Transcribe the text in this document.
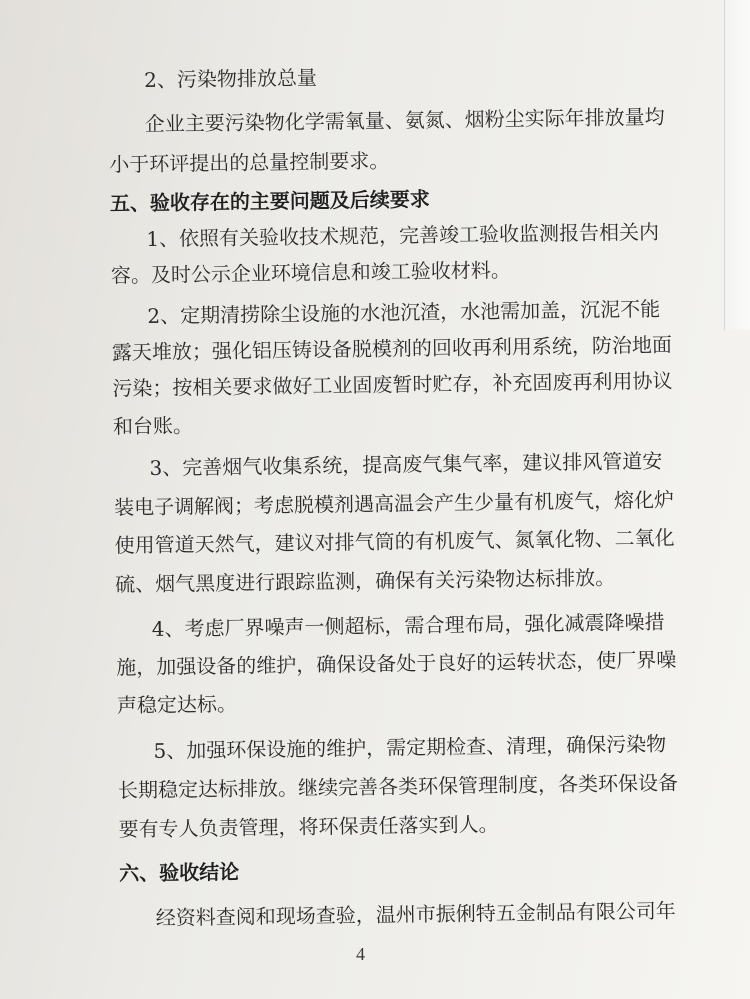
2、污染物排放总量
企业主要污染物化学需氧量、氨氮、烟粉尘实际年排放量均
小于环评提出的总量控制要求。
五、验收存在的主要问题及后续要求
1、依照有关验收技术规范，完善竣工验收监测报告相关内
容。及时公示企业环境信息和竣工验收材料。
2、定期清捞除尘设施的水池沉渣，水池需加盖，沉泥不能
露天堆放；强化铝压铸设备脱模剂的回收再利用系统，防治地面
污染；按相关要求做好工业固废暂时贮存，补充固废再利用协议
和台账。
3、完善烟气收集系统，提高废气集气率，建议排风管道安
装电子调解阀；考虑脱模剂遇高温会产生少量有机废气，熔化炉
使用管道天然气，建议对排气筒的有机废气、氮氧化物、二氧化
硫、烟气黑度进行跟踪监测，确保有关污染物达标排放。
4、考虑厂界噪声一侧超标，需合理布局，强化减震降噪措
施，加强设备的维护，确保设备处于良好的运转状态，使厂界噪
声稳定达标。
5、加强环保设施的维护，需定期检查、清理，确保污染物
长期稳定达标排放。继续完善各类环保管理制度，各类环保设备
要有专人负责管理，将环保责任落实到人。
六、验收结论
经资料查阅和现场查验，温州市振俐特五金制品有限公司年
4
